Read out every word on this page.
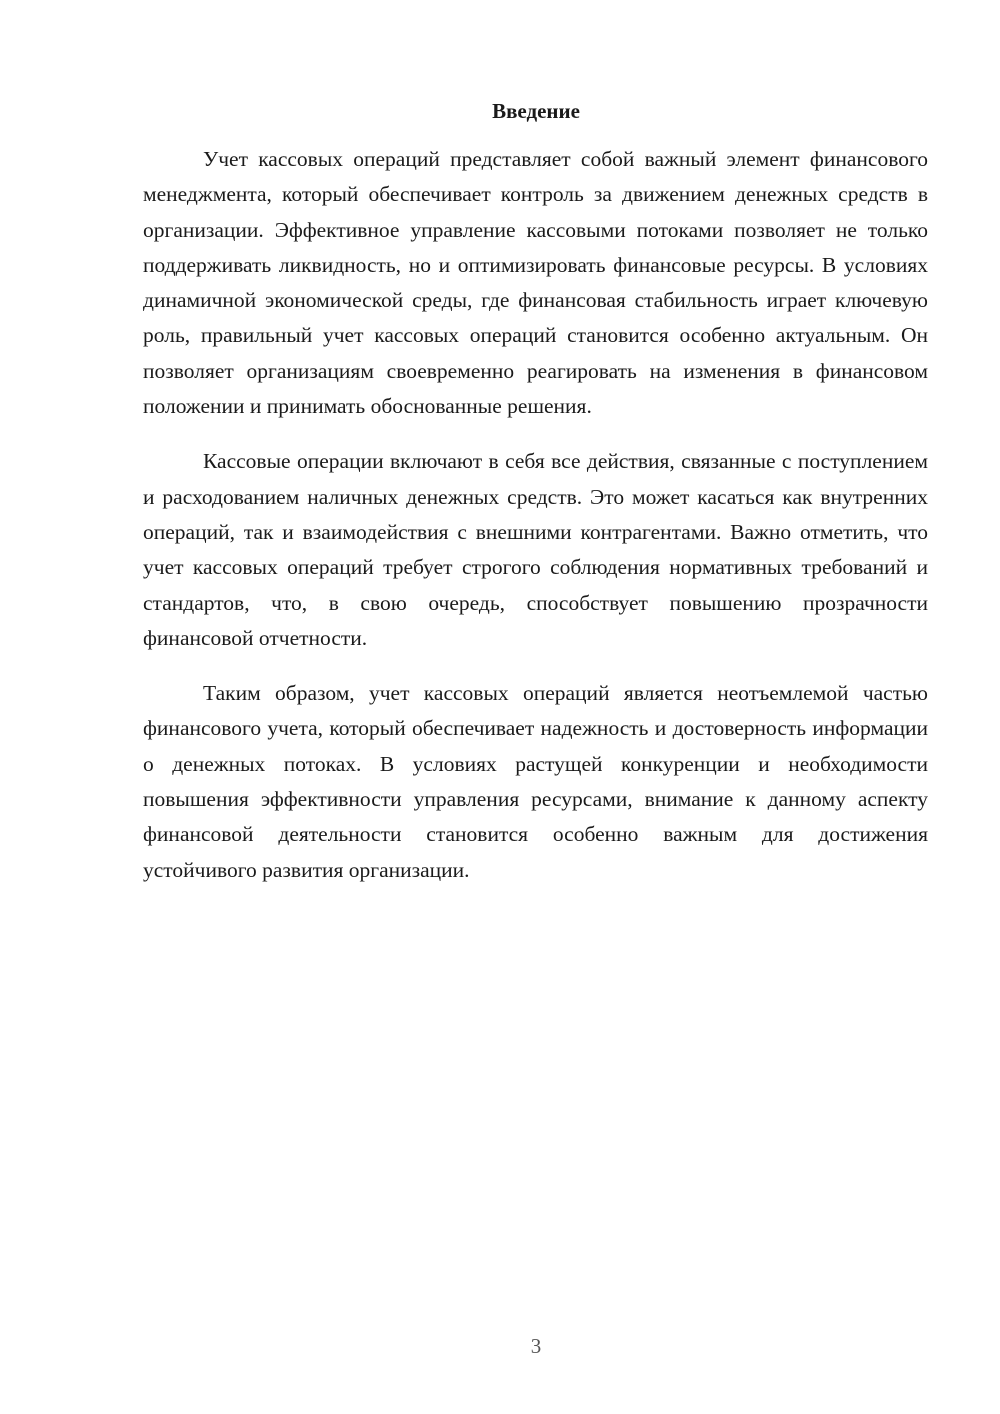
Введение

Учет кассовых операций представляет собой важный элемент финансового менеджмента, который обеспечивает контроль за движением денежных средств в организации. Эффективное управление кассовыми потоками позволяет не только поддерживать ликвидность, но и оптимизировать финансовые ресурсы. В условиях динамичной экономической среды, где финансовая стабильность играет ключевую роль, правильный учет кассовых операций становится особенно актуальным. Он позволяет организациям своевременно реагировать на изменения в финансовом положении и принимать обоснованные решения.

Кассовые операции включают в себя все действия, связанные с поступлением и расходованием наличных денежных средств. Это может касаться как внутренних операций, так и взаимодействия с внешними контрагентами. Важно отметить, что учет кассовых операций требует строгого соблюдения нормативных требований и стандартов, что, в свою очередь, способствует повышению прозрачности финансовой отчетности.

Таким образом, учет кассовых операций является неотъемлемой частью финансового учета, который обеспечивает надежность и достоверность информации о денежных потоках. В условиях растущей конкуренции и необходимости повышения эффективности управления ресурсами, внимание к данному аспекту финансовой деятельности становится особенно важным для достижения устойчивого развития организации.

3
